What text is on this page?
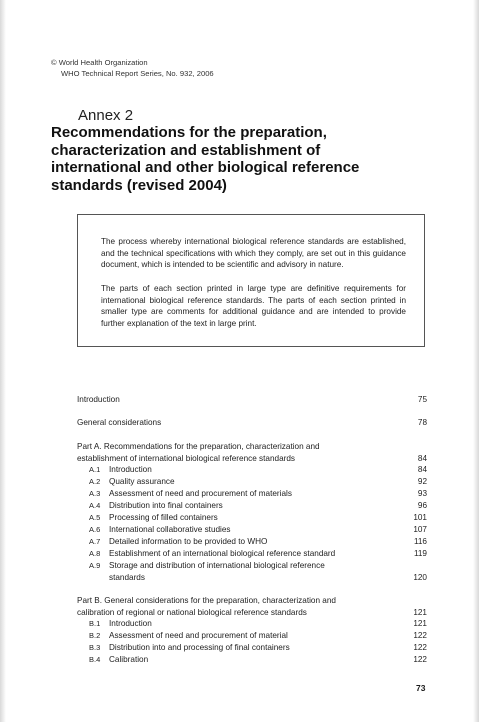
© World Health Organization
WHO Technical Report Series, No. 932, 2006
Annex 2
Recommendations for the preparation,
characterization and establishment of
international and other biological reference
standards (revised 2004)

The process whereby international biological reference standards are established, and the technical specifications with which they comply, are set out in this guidance document, which is intended to be scientific and advisory in nature.

The parts of each section printed in large type are definitive requirements for international biological reference standards. The parts of each section printed in smaller type are comments for additional guidance and are intended to provide further explanation of the text in large print.

Introduction	75
General considerations	78
Part A. Recommendations for the preparation, characterization and
establishment of international biological reference standards	84
A.1 Introduction	84
A.2 Quality assurance	92
A.3 Assessment of need and procurement of materials	93
A.4 Distribution into final containers	96
A.5 Processing of filled containers	101
A.6 International collaborative studies	107
A.7 Detailed information to be provided to WHO	116
A.8 Establishment of an international biological reference standard	119
A.9 Storage and distribution of international biological reference
standards	120
Part B. General considerations for the preparation, characterization and
calibration of regional or national biological reference standards	121
B.1 Introduction	121
B.2 Assessment of need and procurement of material	122
B.3 Distribution into and processing of final containers	122
B.4 Calibration	122
73
